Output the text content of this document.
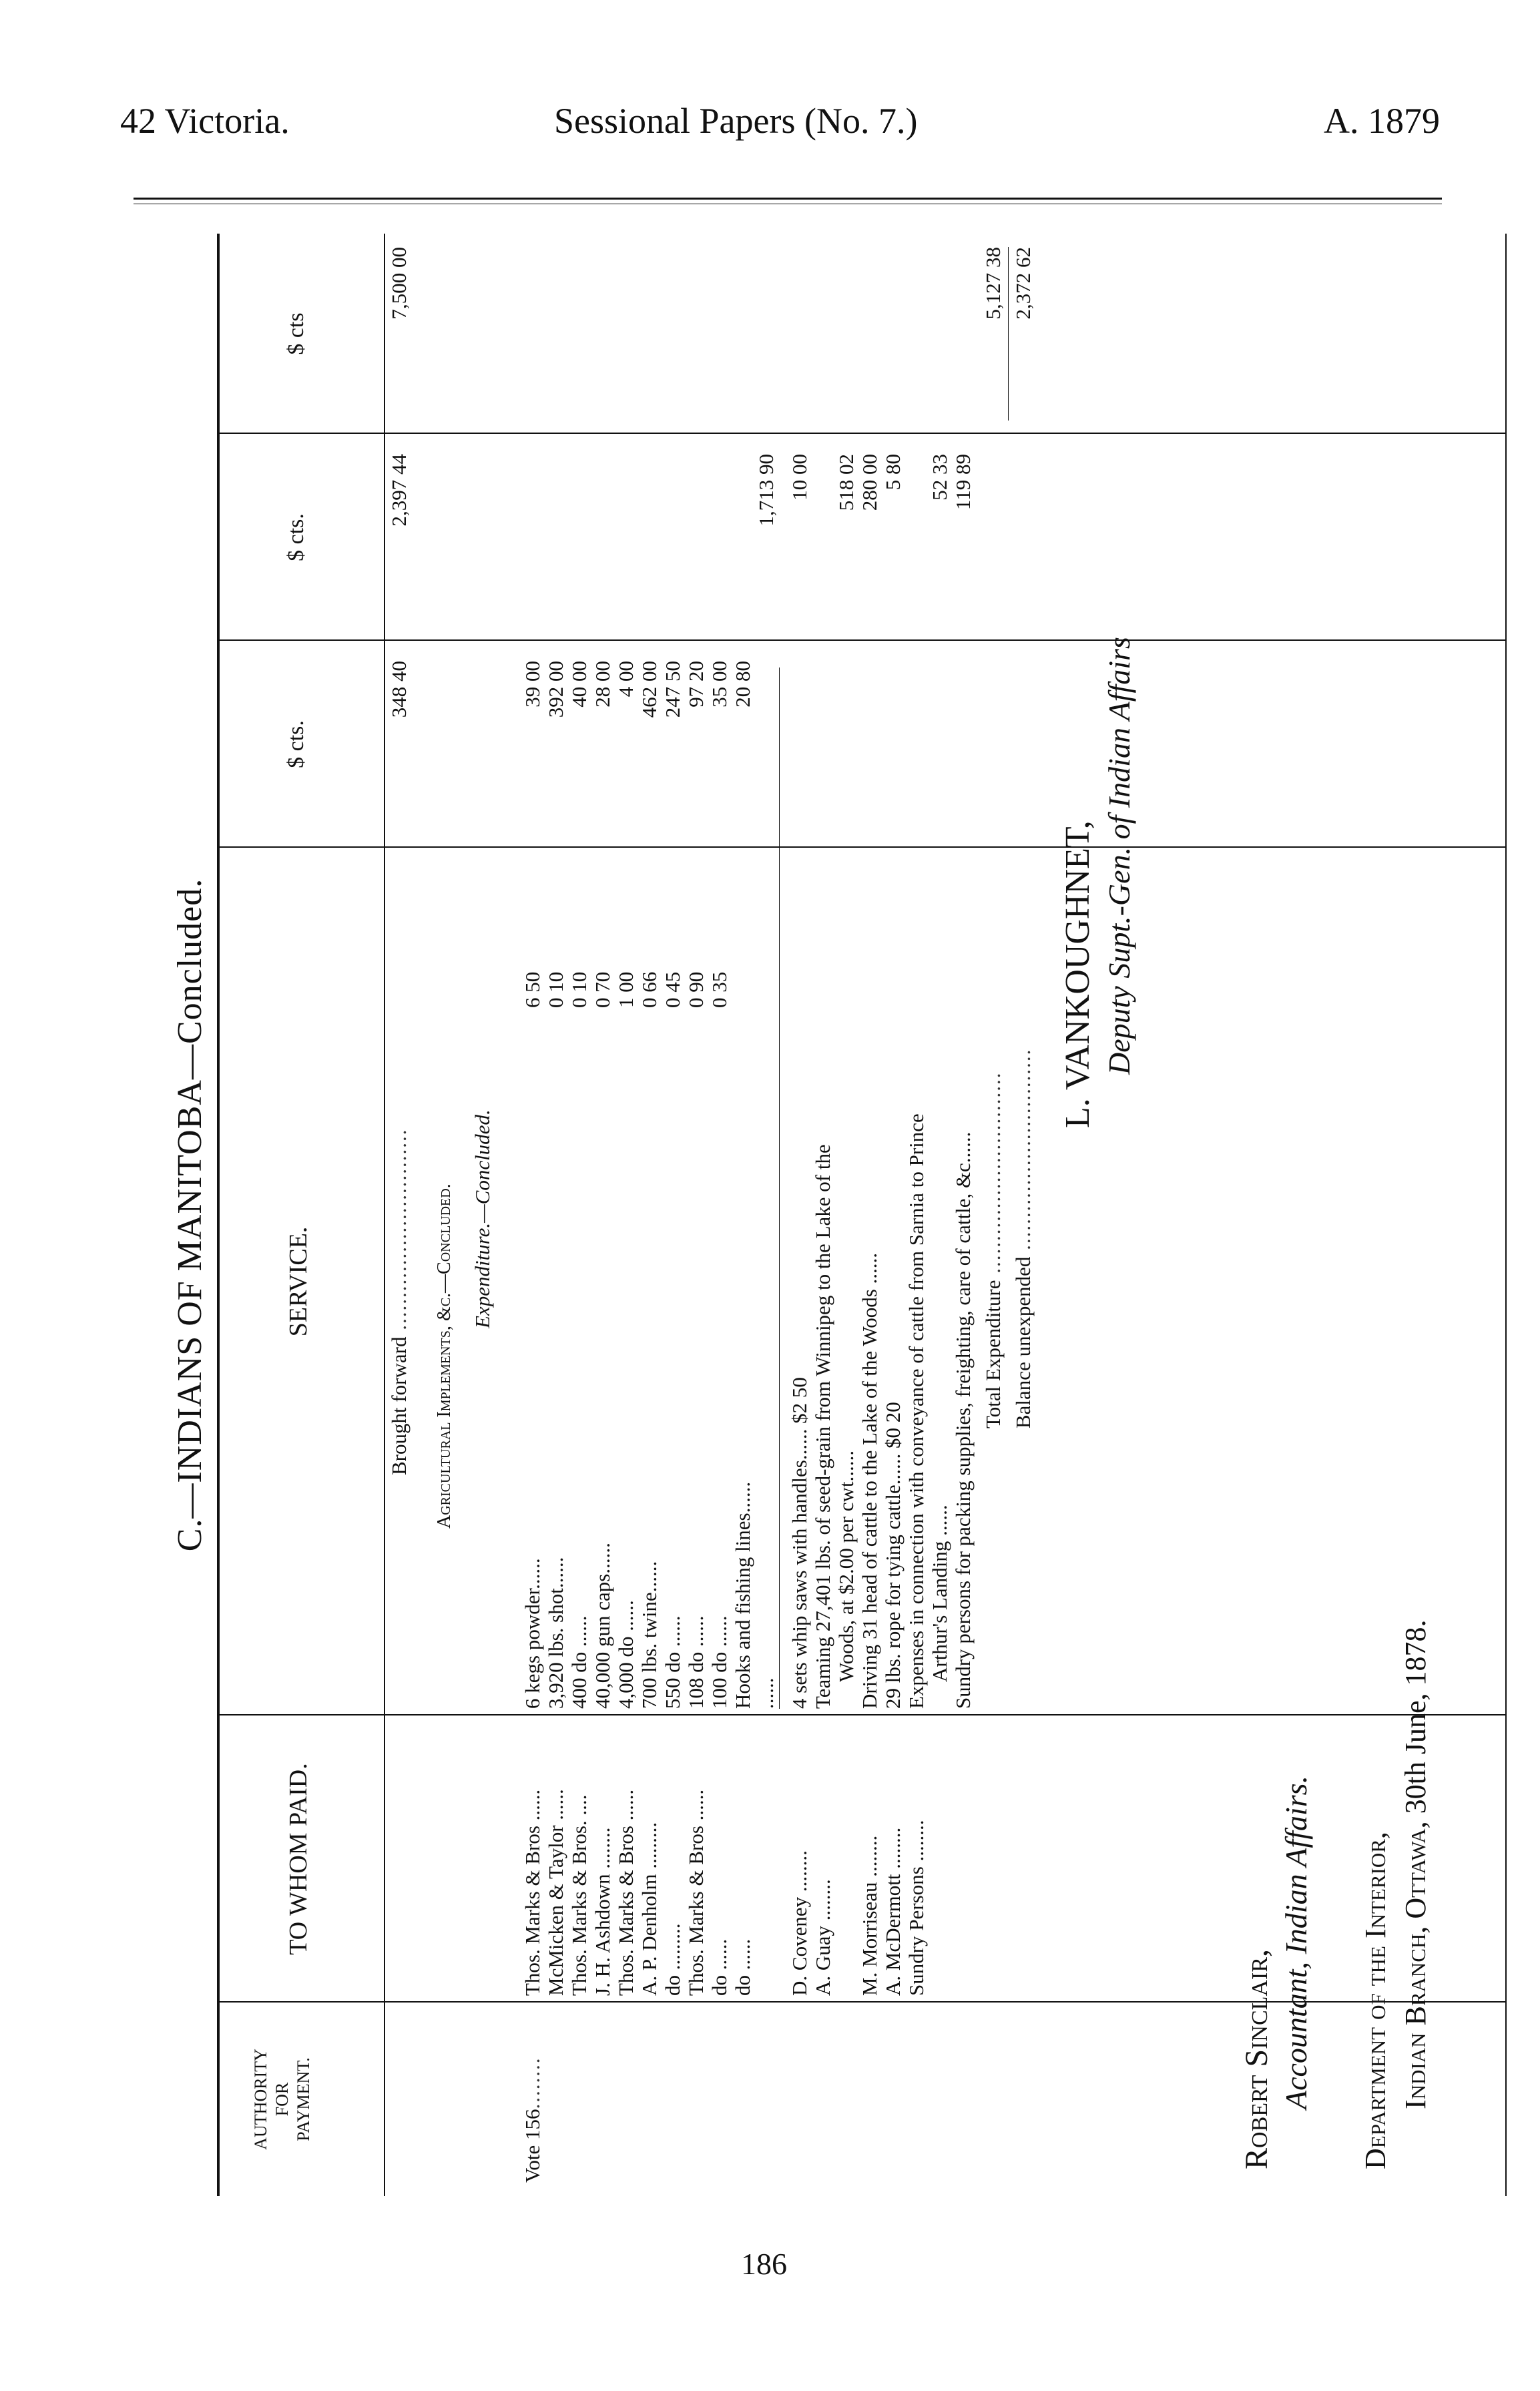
42 Victoria.	Sessional Papers (No. 7.)	A. 1879
C.—INDIANS OF MANITOBA—Concluded.
AUTHORITY FOR PAYMENT.
TO WHOM PAID.
SERVICE.
$ cts.
$ cts.
$ cts
Brought forward ...............................
348 40
2,397 44
7,500 00
Agricultural Implements, &c.—Concluded. Expenditure.—Concluded.
Vote 156........
Thos. Marks & Bros ......
6 kegs powder......
6 50
39 00
McMicken & Taylor ......
3,920 lbs. shot......
0 10
392 00
Thos. Marks & Bros. ....
400 do ......
0 10
40 00
J. H. Ashdown ........
40,000 gun caps......
0 70
28 00
Thos. Marks & Bros ......
4,000 do ......
1 00
4 00
A. P. Denholm .........
700 lbs. twine......
0 66
462 00
do .........
550 do ......
0 45
247 50
Thos. Marks & Bros ......
108 do ......
0 90
97 20
do ......
100 do ......
0 35
35 00
do ......
Hooks and fishing lines......
20 80
......
1,713 90
D. Coveney ........
4 sets whip saws with handles...... $2 50
10 00
A. Guay ........
Teaming 27,401 lbs. of seed-grain from Winnipeg to the Lake of the Woods, at $2.00 per cwt......
518 02
M. Morriseau ........
Driving 31 head of cattle to the Lake of the Woods ......
280 00
A. McDermott ........
29 lbs. rope for tying cattle...... $0 20
5 80
Sundry Persons ........
Expenses in connection with conveyance of cattle from Sarnia to Prince Arthur's Landing ......
52 33
Sundry persons for packing supplies, freighting, care of cattle, &c......
119 89
Total Expenditure ...............................
5,127 38
Balance unexpended ...............................
2,372 62
L. VANKOUGHNET, Deputy Supt.-Gen. of Indian Affairs
Robert Sinclair, Accountant, Indian Affairs. Department of the Interior, Indian Branch, Ottawa, 30th June, 1878.
186
